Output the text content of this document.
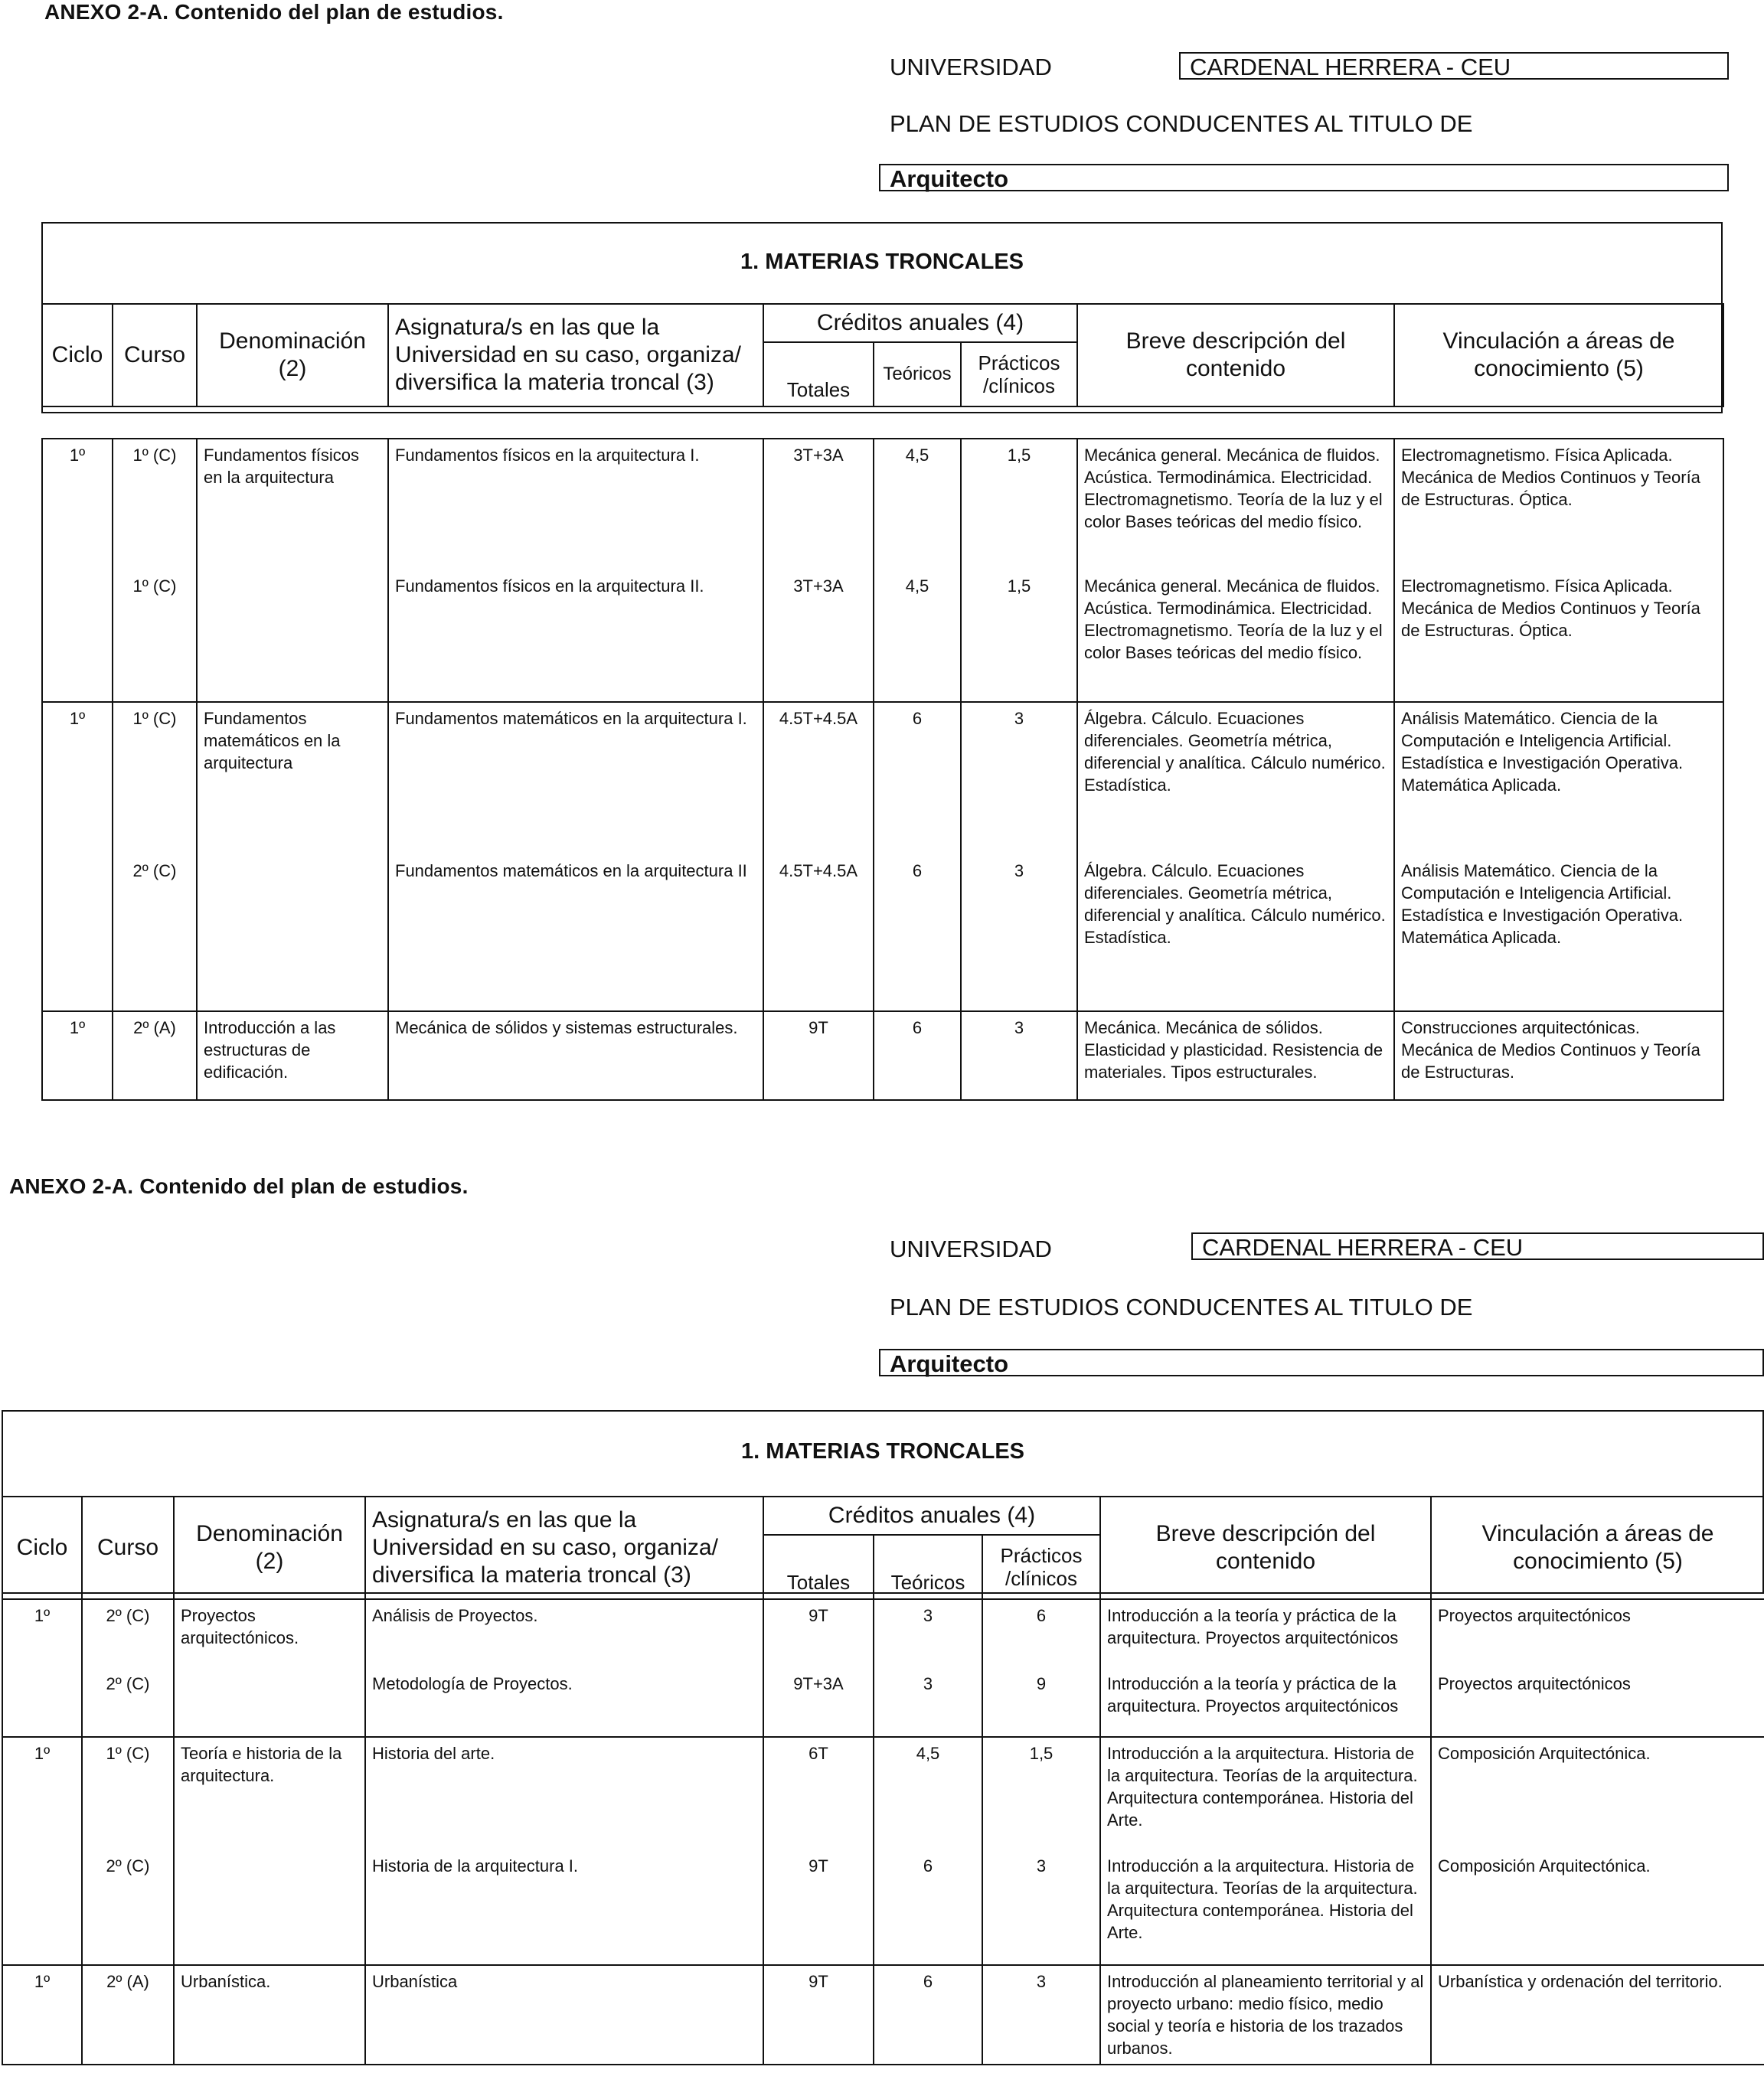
ANEXO 2-A. Contenido del plan de estudios.
UNIVERSIDAD	CARDENAL HERRERA - CEU
PLAN DE ESTUDIOS CONDUCENTES AL TITULO DE
Arquitecto
1. MATERIAS TRONCALES
Ciclo	Curso	Denominación (2)	Asignatura/s en las que la Universidad en su caso, organiza/ diversifica la materia troncal (3)	Créditos anuales (4)			Breve descripción del contenido	Vinculación a áreas de conocimiento (5)
				Totales	Teóricos	Prácticos /clínicos		
1º	1º (C)	Fundamentos físicos en la arquitectura	Fundamentos físicos en la arquitectura I.	3T+3A	4,5	1,5	Mecánica general. Mecánica de fluidos. Acústica. Termodinámica. Electricidad. Electromagnetismo. Teoría de la luz y el color Bases teóricas del medio físico.	Electromagnetismo. Física Aplicada. Mecánica de Medios Continuos y Teoría de Estructuras. Óptica.
	1º (C)		Fundamentos físicos en la arquitectura II.	3T+3A	4,5	1,5	Mecánica general. Mecánica de fluidos. Acústica. Termodinámica. Electricidad. Electromagnetismo. Teoría de la luz y el color Bases teóricas del medio físico.	Electromagnetismo. Física Aplicada. Mecánica de Medios Continuos y Teoría de Estructuras. Óptica.
1º	1º (C)	Fundamentos matemáticos en la arquitectura	Fundamentos matemáticos en la arquitectura I.	4.5T+4.5A	6	3	Álgebra. Cálculo. Ecuaciones diferenciales. Geometría métrica, diferencial y analítica. Cálculo numérico. Estadística.	Análisis Matemático. Ciencia de la Computación e Inteligencia Artificial. Estadística e Investigación Operativa. Matemática Aplicada.
	2º (C)		Fundamentos matemáticos en la arquitectura II	4.5T+4.5A	6	3	Álgebra. Cálculo. Ecuaciones diferenciales. Geometría métrica, diferencial y analítica. Cálculo numérico. Estadística.	Análisis Matemático. Ciencia de la Computación e Inteligencia Artificial. Estadística e Investigación Operativa. Matemática Aplicada.
1º	2º (A)	Introducción a las estructuras de edificación.	Mecánica de sólidos y sistemas estructurales.	9T	6	3	Mecánica. Mecánica de sólidos. Elasticidad y plasticidad. Resistencia de materiales. Tipos estructurales.	Construcciones arquitectónicas. Mecánica de Medios Continuos y Teoría de Estructuras.
ANEXO 2-A. Contenido del plan de estudios.
UNIVERSIDAD	CARDENAL HERRERA - CEU
PLAN DE ESTUDIOS CONDUCENTES AL TITULO DE
Arquitecto
1. MATERIAS TRONCALES
Ciclo	Curso	Denominación (2)	Asignatura/s en las que la Universidad en su caso, organiza/ diversifica la materia troncal (3)	Créditos anuales (4)			Breve descripción del contenido	Vinculación a áreas de conocimiento (5)
				Totales	Teóricos	Prácticos /clínicos		
1º	2º (C)	Proyectos arquitectónicos.	Análisis de Proyectos.	9T	3	6	Introducción a la teoría y práctica de la arquitectura. Proyectos arquitectónicos	Proyectos arquitectónicos
	2º (C)		Metodología de Proyectos.	9T+3A	3	9	Introducción a la teoría y práctica de la arquitectura. Proyectos arquitectónicos	Proyectos arquitectónicos
1º	1º (C)	Teoría e historia de la arquitectura.	Historia del arte.	6T	4,5	1,5	Introducción a la arquitectura. Historia de la arquitectura. Teorías de la arquitectura. Arquitectura contemporánea. Historia del Arte.	Composición Arquitectónica.
	2º (C)		Historia de la arquitectura I.	9T	6	3	Introducción a la arquitectura. Historia de la arquitectura. Teorías de la arquitectura. Arquitectura contemporánea. Historia del Arte.	Composición Arquitectónica.
1º	2º (A)	Urbanística.	Urbanística	9T	6	3	Introducción al planeamiento territorial y al proyecto urbano: medio físico, medio social y teoría e historia de los trazados urbanos.	Urbanística y ordenación del territorio.
